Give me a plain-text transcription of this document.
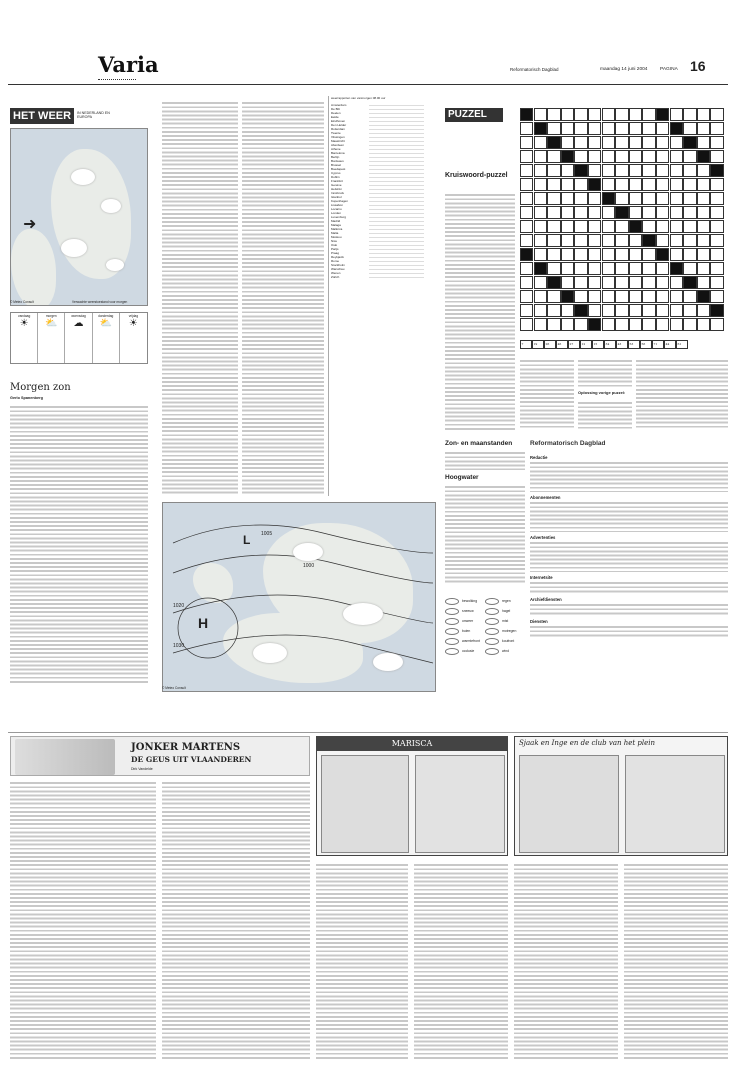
Varia	Reformatorisch Dagblad	maandag 14 juni 2004	PAGINA 16
HET WEER	IN NEDERLAND EN EUROPA
➜
© Meteo Consult	Verwachte weerstoestand voor morgen
vandaag
☀
morgen
⛅
woensdag
☁
donderdag
⛅
vrijdag
☀
Morgen zon
Gerlo Spanenberg
weerrapporten van vanmorgen 08.00 uur
Amsterdam
De Bilt
Deelen
Eelde
Eindhoven
Den Helder
Rotterdam
Twente
Vlissingen
Maastricht
Aberdeen
Athene
Barcelona
Berlijn
Bordeaux
Brussel
Boedapest
Cyprus
Dublin
Frankfort
Genève
Helsinki
Innsbruck
Istanbul
Kopenhagen
Lissabon
Locarno
Londen
Luxemburg
Madrid
Malaga
Mallorca
Malta
Moskou
Nice
Oslo
Parijs
Praag
Reykjavik
Rome
Stockholm
Warschau
Wenen
Zürich
1005
1000
1020
1030
H
L
© Meteo Consult
PUZZEL
Kruiswoord-puzzel
7	19	26	46	27	12	15	34	43	53	56	71	44	61
Oplossing vorige puzzel:
Zon- en maanstanden
Hoogwater
bewolking
sneeuw
onweer
buien
warmtefront
occlusie
regen
hagel
mist
motregen
koufront
wind
Reformatorisch Dagblad
Redactie
Abonnementen
Advertenties
Internetsite
Archiefdiensten
Diensten
JONKER MARTENS
DE GEUS UIT VLAANDEREN
Dirk Vandelde
MARISCA	Sjaak en Inge en de club van het plein
